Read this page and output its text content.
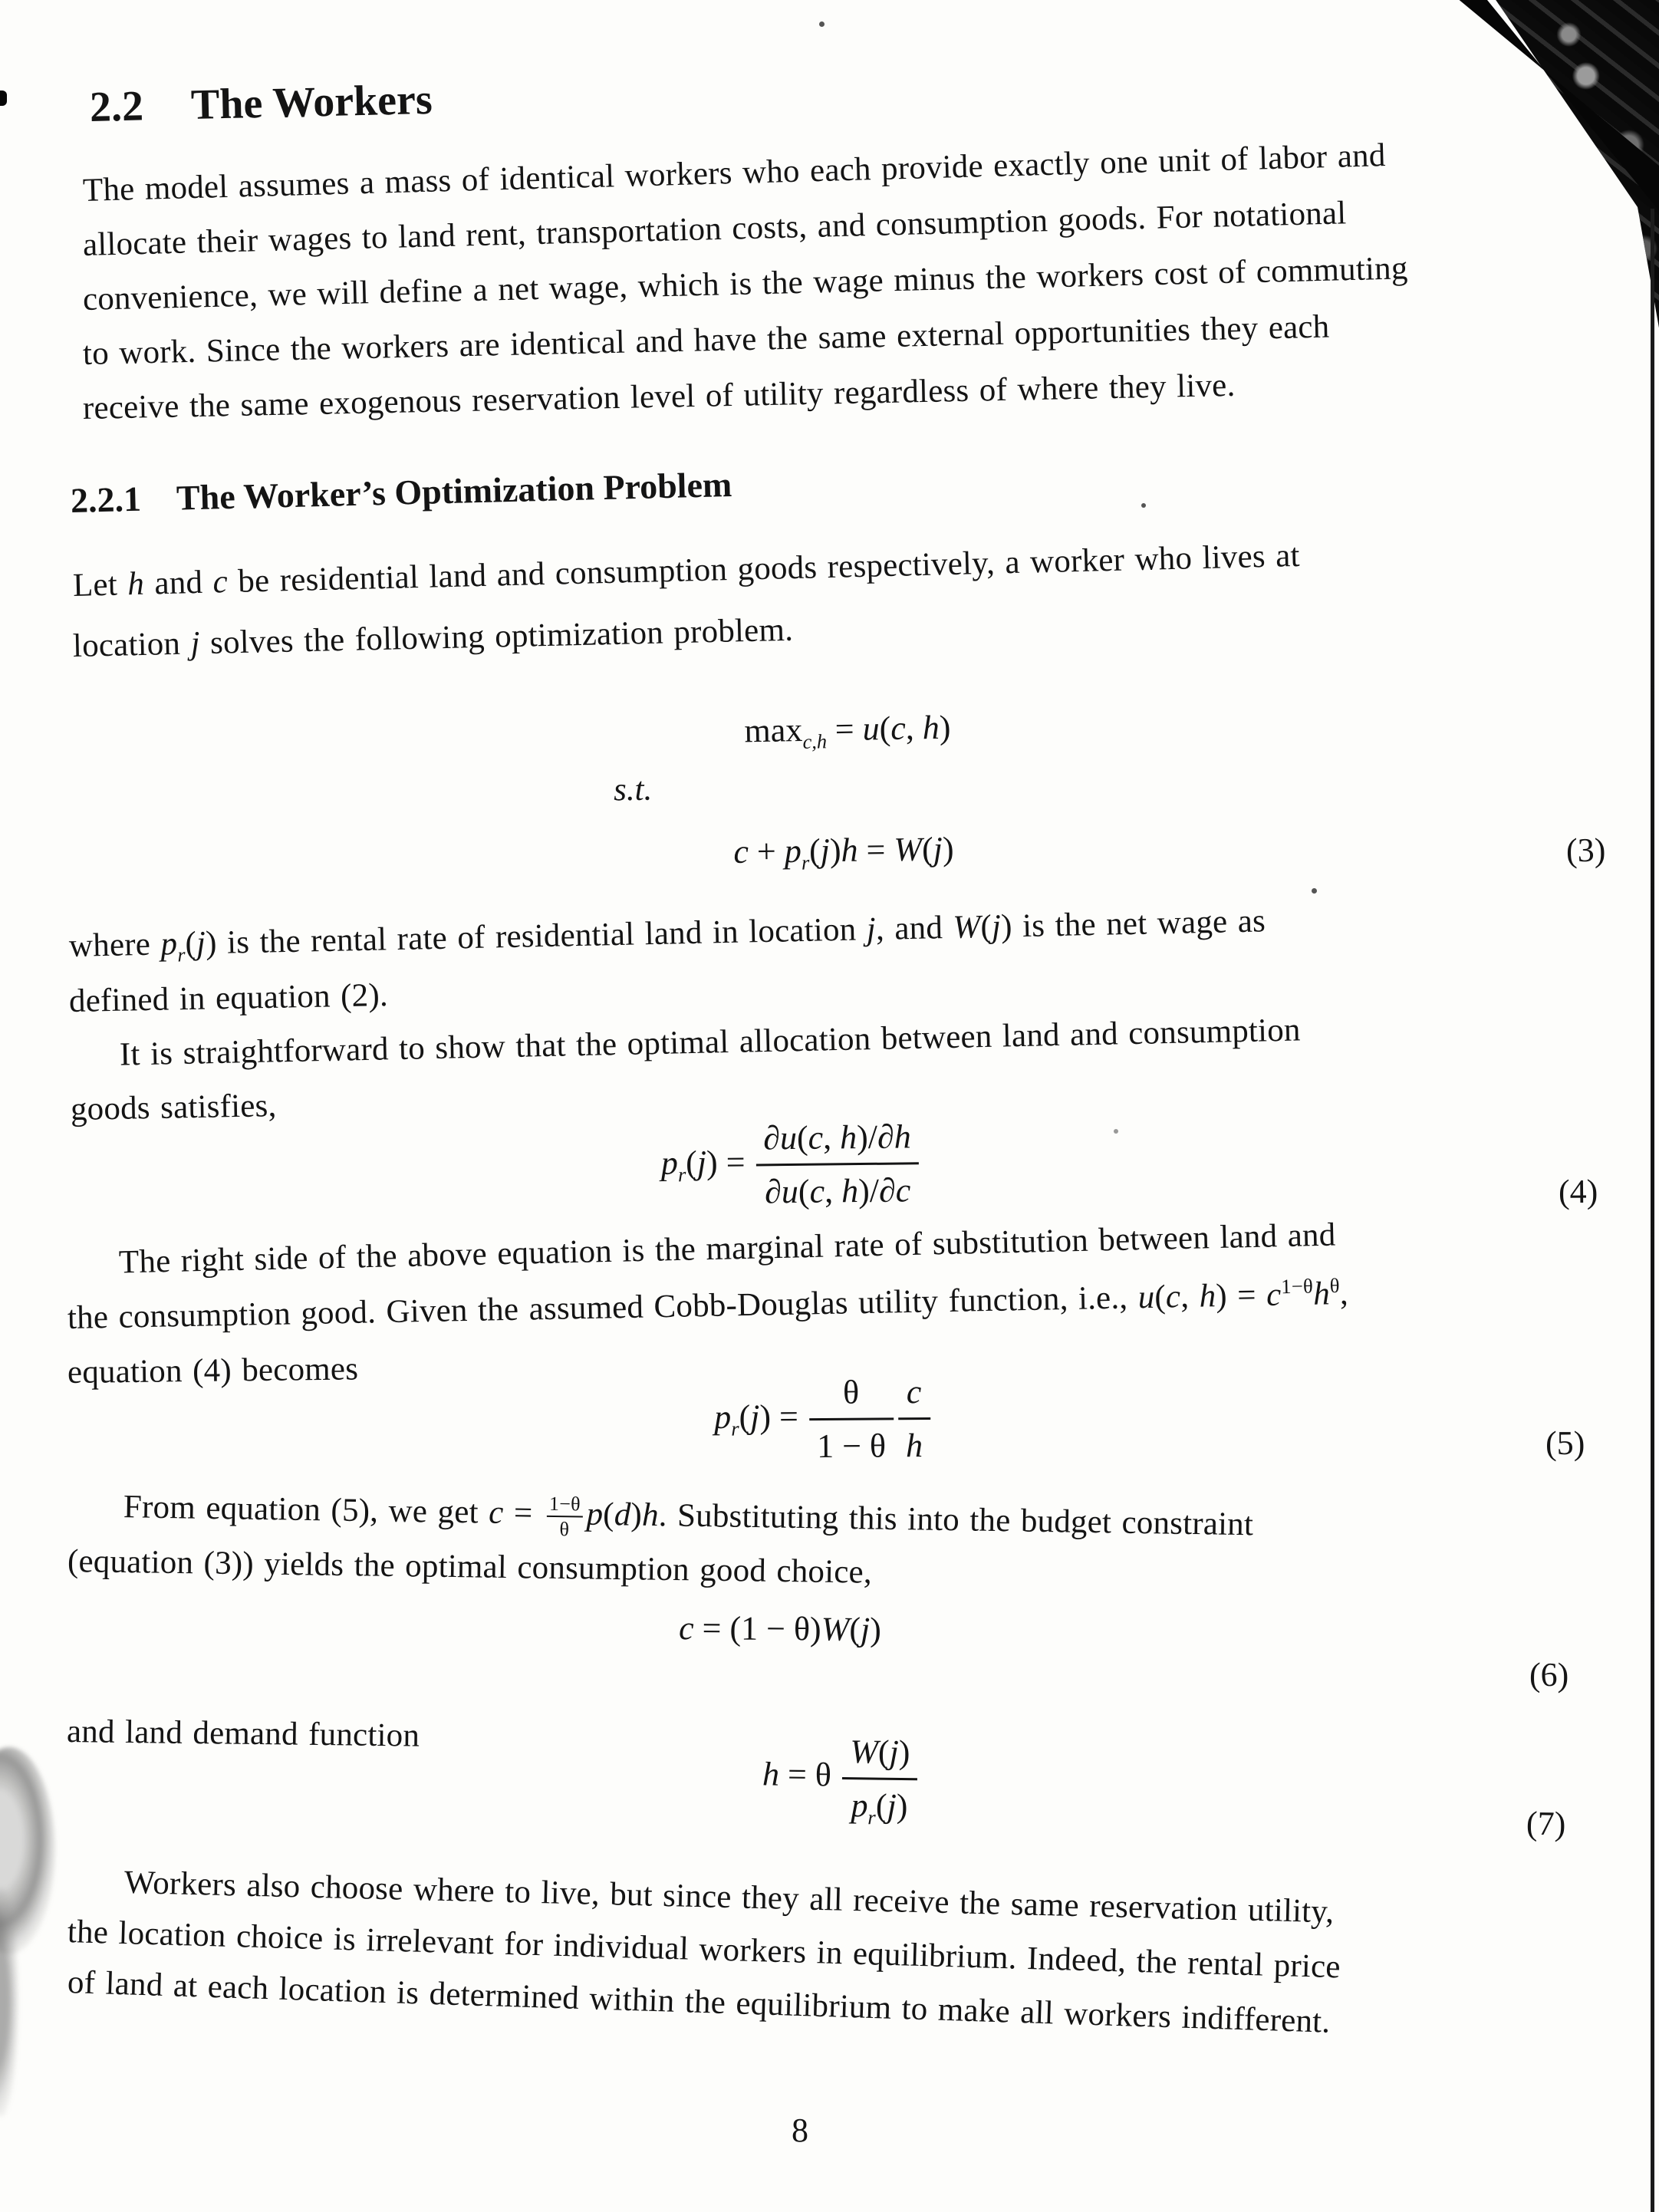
2.2 The Workers
The model assumes a mass of identical workers who each provide exactly one unit of labor and
allocate their wages to land rent, transportation costs, and consumption goods. For notational
convenience, we will define a net wage, which is the wage minus the workers cost of commuting
to work. Since the workers are identical and have the same external opportunities they each
receive the same exogenous reservation level of utility regardless of where they live.
2.2.1 The Worker’s Optimization Problem
Let h and c be residential land and consumption goods respectively, a worker who lives at
location j solves the following optimization problem.
$\max_{c,h} = u(c$, h)
s.t.
$c + p_r(j)h = W(j)$	(3)
where $p_r(j)$ is the rental rate of residential land in location j, and W(j) is the net wage as
defined in equation (2).
It is straightforward to show that the optimal allocation between land and consumption
goods satisfies,
$p_r(j) = \frac{\partial u(c, h)/\partial h}{\partial u(c, h)/\partial c}$	(4)
The right side of the above equation is the marginal rate of substitution between land and
the consumption good. Given the assumed Cobb-Douglas utility function, i.e., u(c, $h) = c^{1-\theta}h^\theta$,
equation (4) becomes
$p_r(j) = \frac{\theta}{1 - \theta} \frac{c}{h}$	(5)
From equation (5), we get $c = \frac{1-\theta}{\theta} p(d)h$. Substituting this into the budget constraint
(equation (3)) yields the optimal consumption good choice,
c = (1 − θ)W(j)
(6)
and land demand function
h = θ $\frac{W(j)}{p_r(j)}$	(7)
Workers also choose where to live, but since they all receive the same reservation utility,
the location choice is irrelevant for individual workers in equilibrium. Indeed, the rental price
of land at each location is determined within the equilibrium to make all workers indifferent.
8
